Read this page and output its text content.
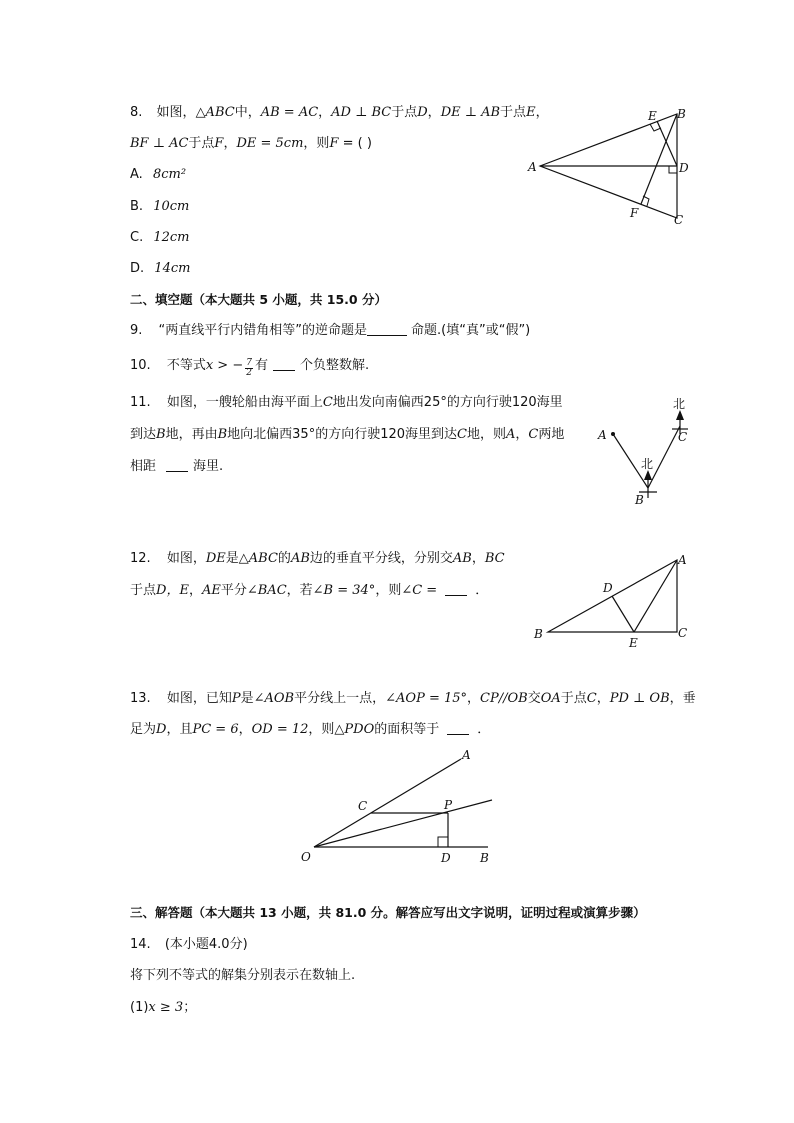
8. 如图，△ABC中，AB = AC，AD ⊥ BC于点D，DE ⊥ AB于点E，
BF ⊥ AC于点F，DE = 5cm，则F = ( )
A. 8cm²
B. 10cm
C. 12cm
D. 14cm
A
B
C
D
E
F
二、填空题（本大题共 5 小题，共 15.0 分）
9. “两直线平行内错角相等”的逆命题是	命题.(填“真”或“假”)
10. 不等式x > − $\frac{7}{2}$ 有 个负整数解.
11. 如图，一艘轮船由海平面上C地出发向南偏西25°的方向行驶120海里
到达B地，再由B地向北偏西35°的方向行驶120海里到达C地，则A，C两地
相距	海里.
北
北
A
B
C
12. 如图，DE是△ABC的AB边的垂直平分线，分别交AB，BC
于点D，E，AE平分∠BAC，若∠B = 34°，则∠C =	．
A
B	C
D
E
13. 如图，已知P是∠AOB平分线上一点，∠AOP = 15°，CP//OB交OA于点C，PD ⊥ OB，垂
足为D，且PC = 6，OD = 12，则△PDO的面积等于	．
A
B
C
D
O
P
三、解答题（本大题共 13 小题，共 81.0 分。解答应写出文字说明，证明过程或演算步骤）
14. (本小题4.0分)
将下列不等式的解集分别表示在数轴上.
(1)x ≥ 3；
